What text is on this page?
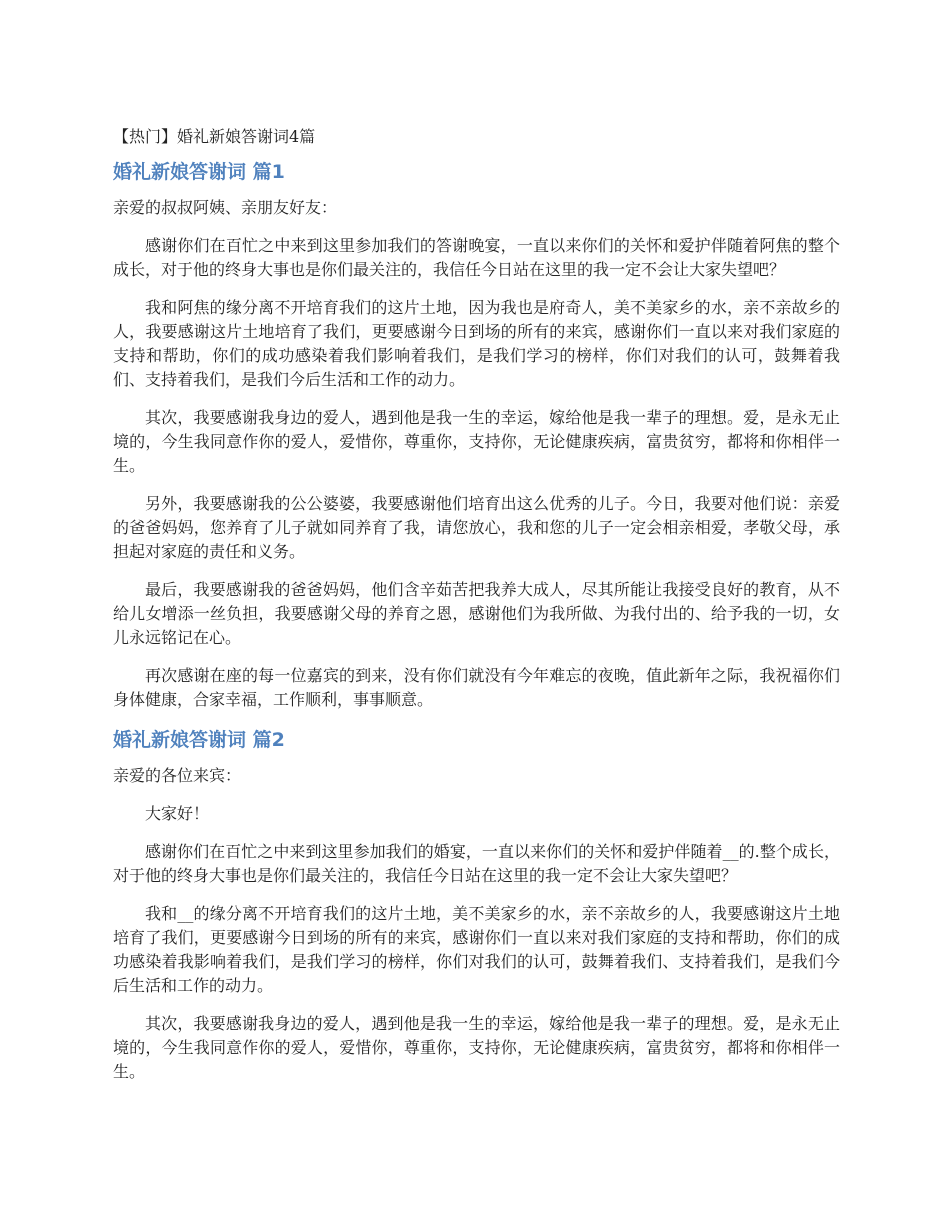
【热门】婚礼新娘答谢词4篇
婚礼新娘答谢词 篇1
亲爱的叔叔阿姨、亲朋友好友：

感谢你们在百忙之中来到这里参加我们的答谢晚宴，一直以来你们的关怀和爱护伴随着阿焦的整个成长，对于他的终身大事也是你们最关注的，我信任今日站在这里的我一定不会让大家失望吧？

我和阿焦的缘分离不开培育我们的这片土地，因为我也是府奇人，美不美家乡的水，亲不亲故乡的人，我要感谢这片土地培育了我们，更要感谢今日到场的所有的来宾，感谢你们一直以来对我们家庭的支持和帮助，你们的成功感染着我们影响着我们，是我们学习的榜样，你们对我们的认可，鼓舞着我们、支持着我们，是我们今后生活和工作的动力。

其次，我要感谢我身边的爱人，遇到他是我一生的幸运，嫁给他是我一辈子的理想。爱，是永无止境的，今生我同意作你的爱人，爱惜你，尊重你，支持你，无论健康疾病，富贵贫穷，都将和你相伴一生。

另外，我要感谢我的公公婆婆，我要感谢他们培育出这么优秀的儿子。今日，我要对他们说：亲爱的爸爸妈妈，您养育了儿子就如同养育了我，请您放心，我和您的儿子一定会相亲相爱，孝敬父母，承担起对家庭的责任和义务。

最后，我要感谢我的爸爸妈妈，他们含辛茹苦把我养大成人，尽其所能让我接受良好的教育，从不给儿女增添一丝负担，我要感谢父母的养育之恩，感谢他们为我所做、为我付出的、给予我的一切，女儿永远铭记在心。

再次感谢在座的每一位嘉宾的到来，没有你们就没有今年难忘的夜晚，值此新年之际，我祝福你们身体健康，合家幸福，工作顺利，事事顺意。

婚礼新娘答谢词 篇2
亲爱的各位来宾：

大家好！

感谢你们在百忙之中来到这里参加我们的婚宴，一直以来你们的关怀和爱护伴随着__的.整个成长，对于他的终身大事也是你们最关注的，我信任今日站在这里的我一定不会让大家失望吧？

我和__的缘分离不开培育我们的这片土地，美不美家乡的水，亲不亲故乡的人，我要感谢这片土地培育了我们，更要感谢今日到场的所有的来宾，感谢你们一直以来对我们家庭的支持和帮助，你们的成功感染着我影响着我们，是我们学习的榜样，你们对我们的认可，鼓舞着我们、支持着我们，是我们今后生活和工作的动力。

其次，我要感谢我身边的爱人，遇到他是我一生的幸运，嫁给他是我一辈子的理想。爱，是永无止境的，今生我同意作你的爱人，爱惜你，尊重你，支持你，无论健康疾病，富贵贫穷，都将和你相伴一生。
